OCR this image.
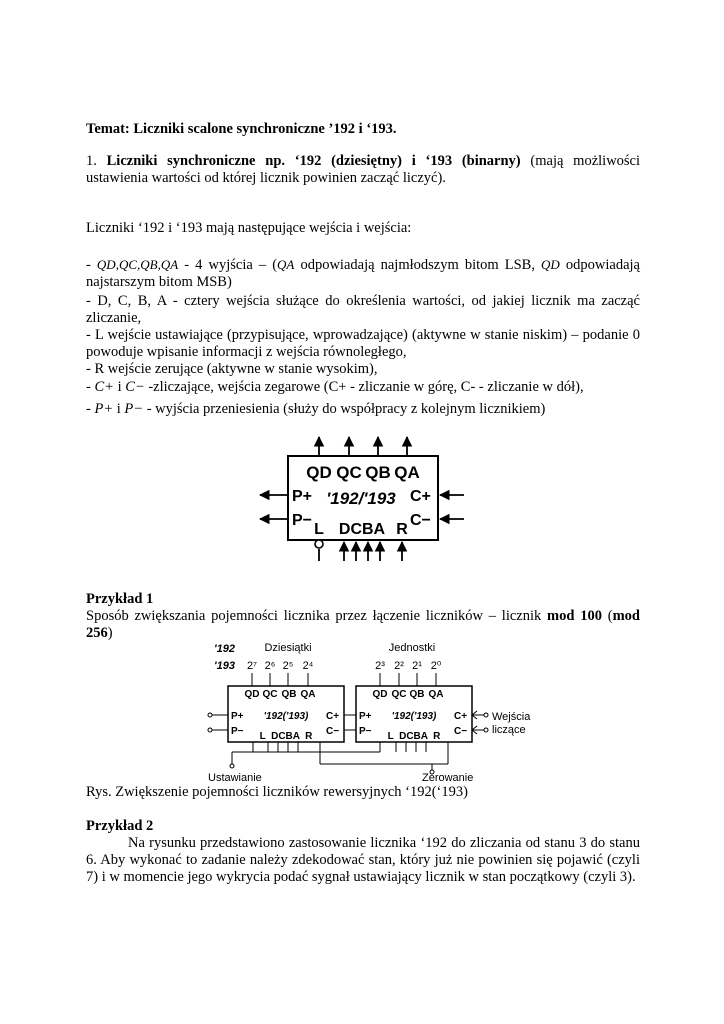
Temat: Liczniki scalone synchroniczne ’192 i ‘193.

1. Liczniki synchroniczne np. ‘192 (dziesiętny) i ‘193 (binarny) (mają możliwości ustawienia wartości od której licznik powinien zacząć liczyć).

Liczniki ‘192 i ‘193 mają następujące wejścia i wejścia:

- QD,QC,QB,QA - 4 wyjścia – (QA odpowiadają najmłodszym bitom LSB, QD odpowiadają najstarszym bitom MSB)

- D, C, B, A - cztery wejścia służące do określenia wartości, od jakiej licznik ma zacząć zliczanie,

- L wejście ustawiające (przypisujące, wprowadzające) (aktywne w stanie niskim) – podanie 0 powoduje wpisanie informacji z wejścia równoległego,

- R wejście zerujące (aktywne w stanie wysokim),

- C+ i C− -zliczające, wejścia zegarowe (C+ - zliczanie w górę, C- - zliczanie w dół),

- P+ i P− - wyjścia przeniesienia (służy do współpracy z kolejnym licznikiem)

QD QC QB QA
P+
P−
'192/'193 C+
C−
L DCBA R

Przykład 1

Sposób zwiększania pojemności licznika przez łączenie liczników – licznik mod 100 (mod 256)

'192
'193
Dziesiątki	Jednostki
2⁷ 2⁶ 2⁵ 2⁴	2³ 2² 2¹ 2⁰
QD QC QB QA	QD QC QB QA
P+
P−
'192('193) C+
C−
L  DCBA  R
P+
P−
'192('193) C+
C−
L  DCBA  R
Wejścia
liczące
Ustawianie	Zerowanie

Rys. Zwiększenie pojemności liczników rewersyjnych ‘192(‘193)

Przykład 2

Na rysunku przedstawiono zastosowanie licznika ‘192 do zliczania od stanu 3 do stanu 6. Aby wykonać to zadanie należy zdekodować stan, który już nie powinien się pojawić (czyli 7) i w momencie jego wykrycia podać sygnał ustawiający licznik w stan początkowy (czyli 3).
